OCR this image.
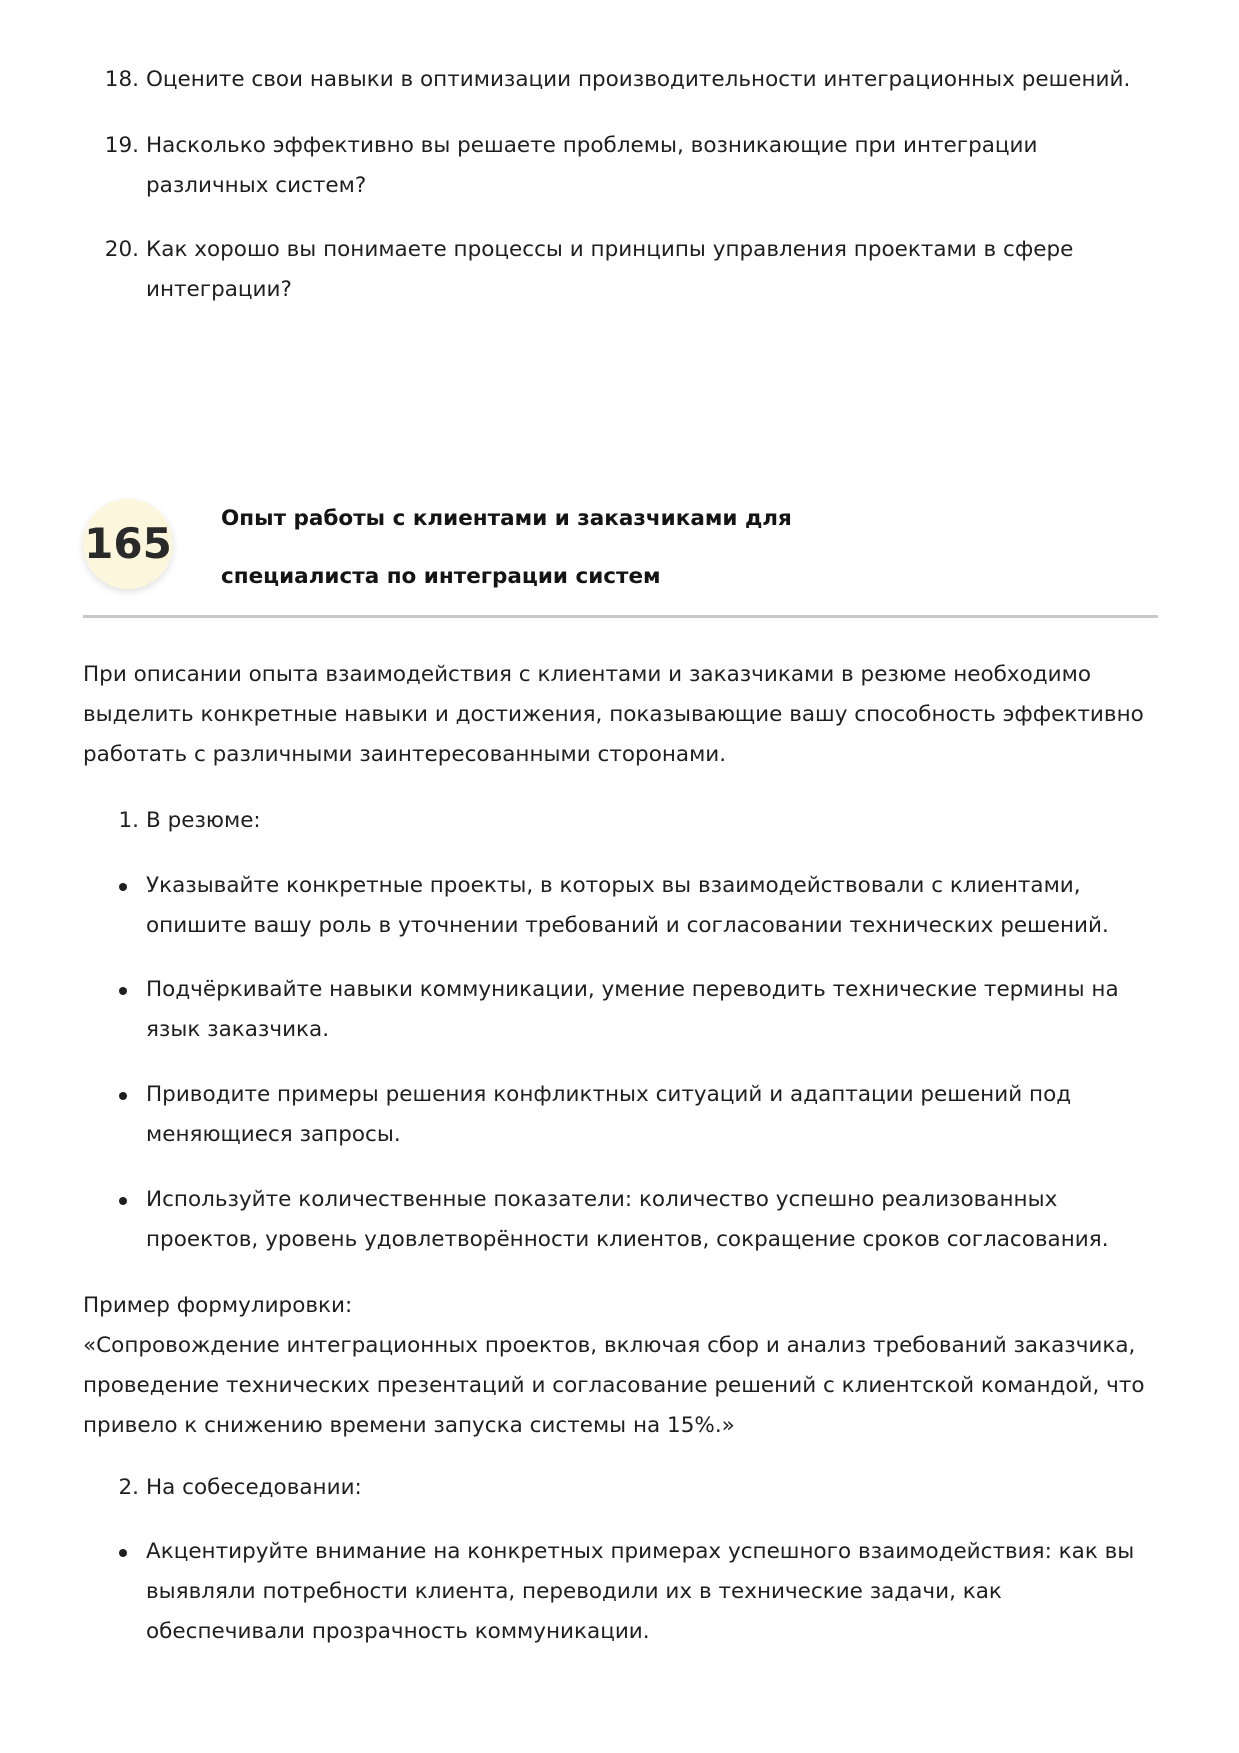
18. Оцените свои навыки в оптимизации производительности интеграционных решений.
19. Насколько эффективно вы решаете проблемы, возникающие при интеграции
различных систем?
20. Как хорошо вы понимаете процессы и принципы управления проектами в сфере
интеграции?
165
Опыт работы с клиентами и заказчиками для
специалиста по интеграции систем

При описании опыта взаимодействия с клиентами и заказчиками в резюме необходимо
выделить конкретные навыки и достижения, показывающие вашу способность эффективно
работать с различными заинтересованными сторонами.

1. В резюме:
Указывайте конкретные проекты, в которых вы взаимодействовали с клиентами,
опишите вашу роль в уточнении требований и согласовании технических решений.
Подчёркивайте навыки коммуникации, умение переводить технические термины на
язык заказчика.
Приводите примеры решения конфликтных ситуаций и адаптации решений под
меняющиеся запросы.
Используйте количественные показатели: количество успешно реализованных
проектов, уровень удовлетворённости клиентов, сокращение сроков согласования.

Пример формулировки:

«Сопровождение интеграционных проектов, включая сбор и анализ требований заказчика,
проведение технических презентаций и согласование решений с клиентской командой, что
привело к снижению времени запуска системы на 15%.»

2. На собеседовании:
Акцентируйте внимание на конкретных примерах успешного взаимодействия: как вы
выявляли потребности клиента, переводили их в технические задачи, как
обеспечивали прозрачность коммуникации.
